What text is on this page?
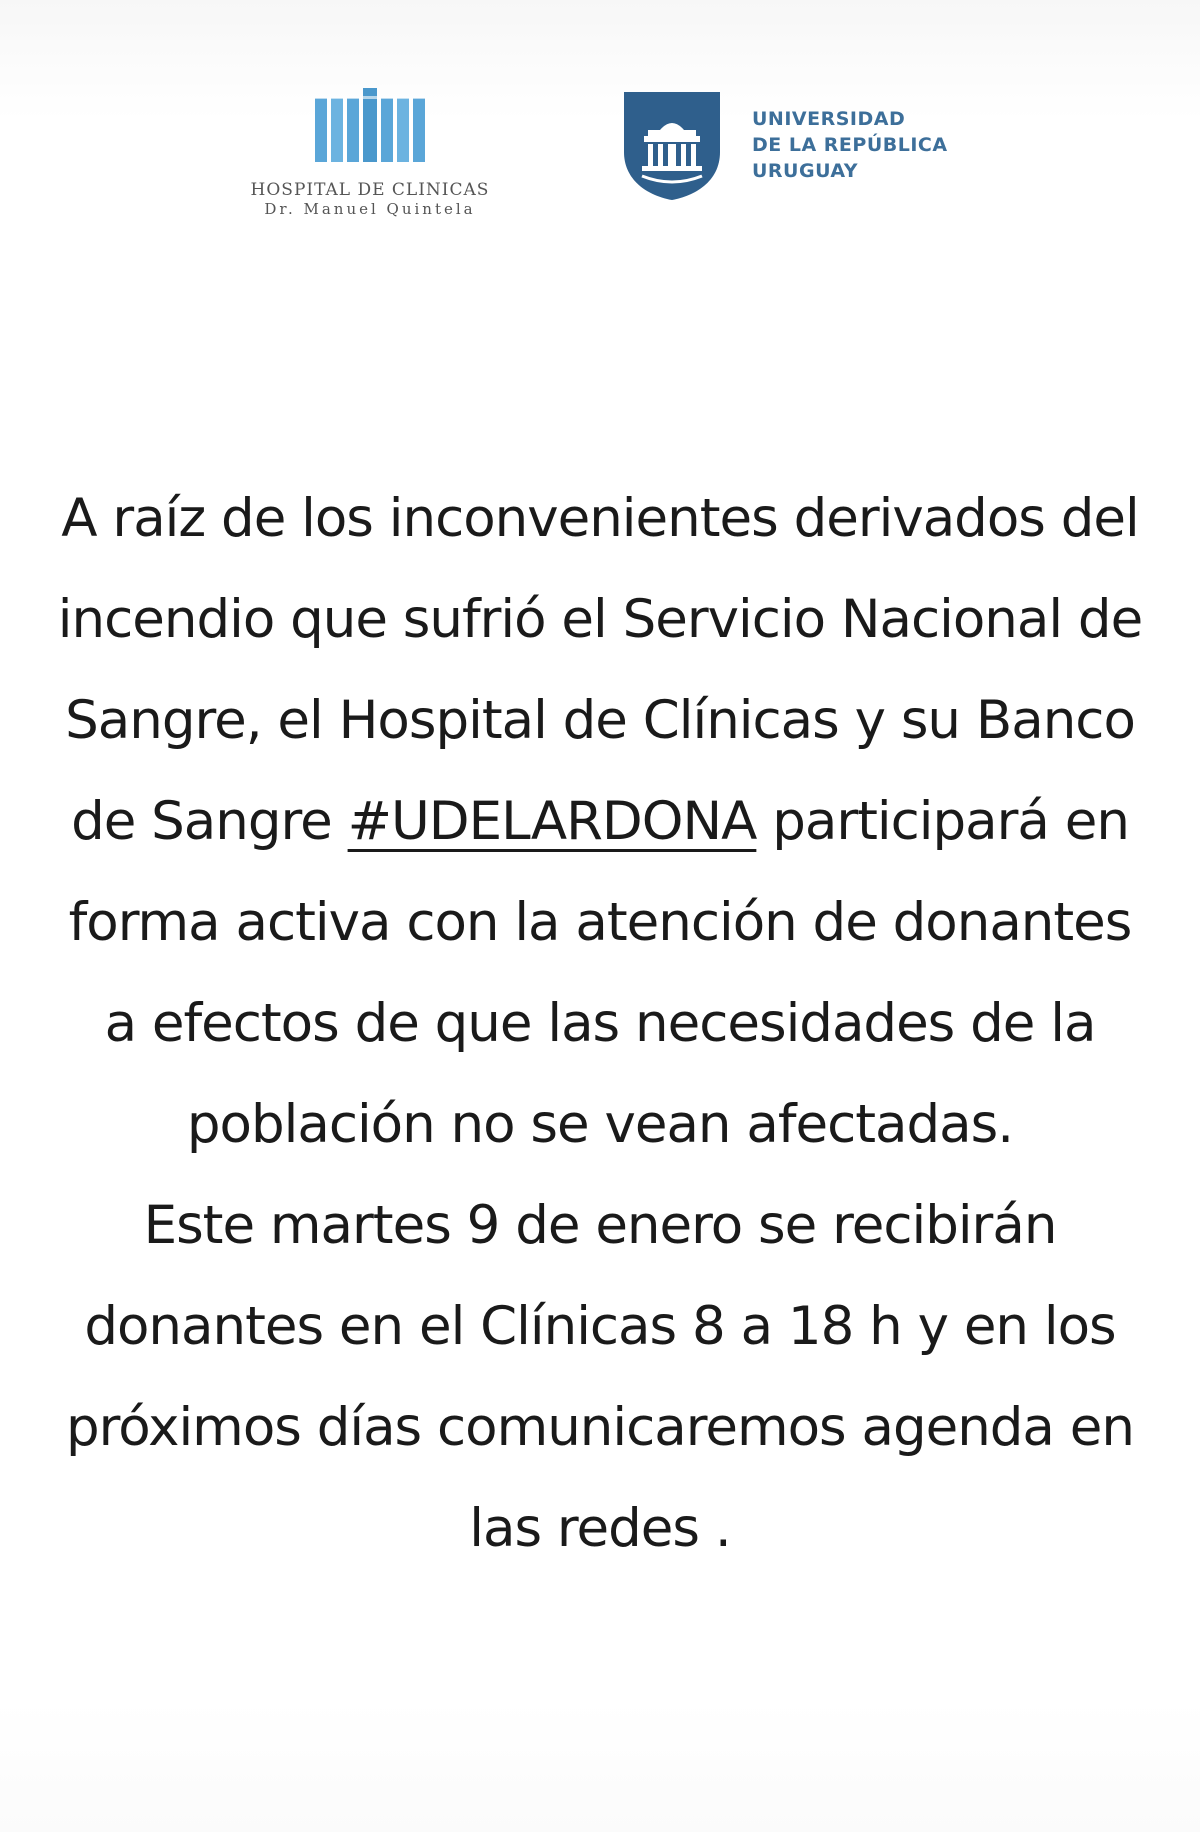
HOSPITAL DE CLINICAS
Dr. Manuel Quintela
UNIVERSIDAD
DE LA REPÚBLICA
URUGUAY
A raíz de los inconvenientes derivados del
incendio que sufrió el Servicio Nacional de
Sangre, el Hospital de Clínicas y su Banco
de Sangre #UDELARDONA participará en
forma activa con la atención de donantes
a efectos de que las necesidades de la
población no se vean afectadas.
Este martes 9 de enero se recibirán
donantes en el Clínicas 8 a 18 h y en los
próximos días comunicaremos agenda en
las redes .
